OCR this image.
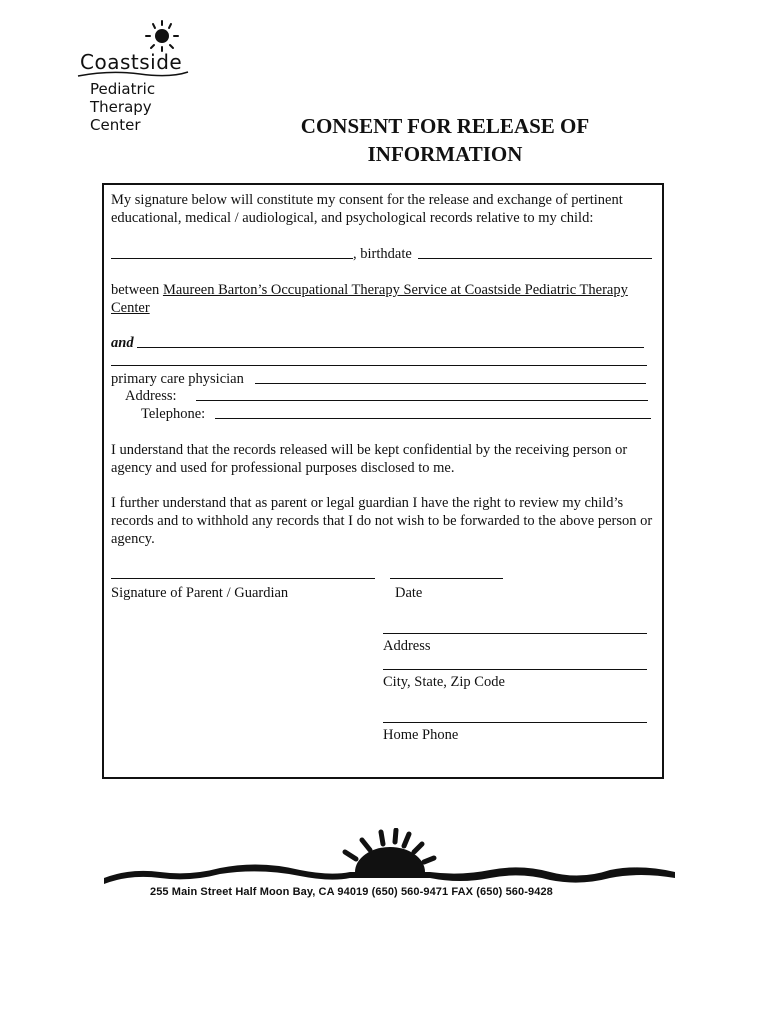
Coastside
Pediatric
Therapy
Center	CONSENT FOR RELEASE OF
INFORMATION
My signature below will constitute my consent for the release and exchange of pertinent educational, medical / audiological, and psychological records relative to my child:
, birthdate
between Maureen Barton’s Occupational Therapy Service at Coastside Pediatric Therapy Center
and
primary care physician
Address:
Telephone:
I understand that the records released will be kept confidential by the receiving person or agency and used for professional purposes disclosed to me.
I further understand that as parent or legal guardian I have the right to review my child’s records and to withhold any records that I do not wish to be forwarded to the above person or agency.
Signature of Parent / Guardian	Date
Address
City, State, Zip Code
Home Phone
255 Main Street Half Moon Bay, CA 94019 (650) 560-9471 FAX (650) 560-9428
